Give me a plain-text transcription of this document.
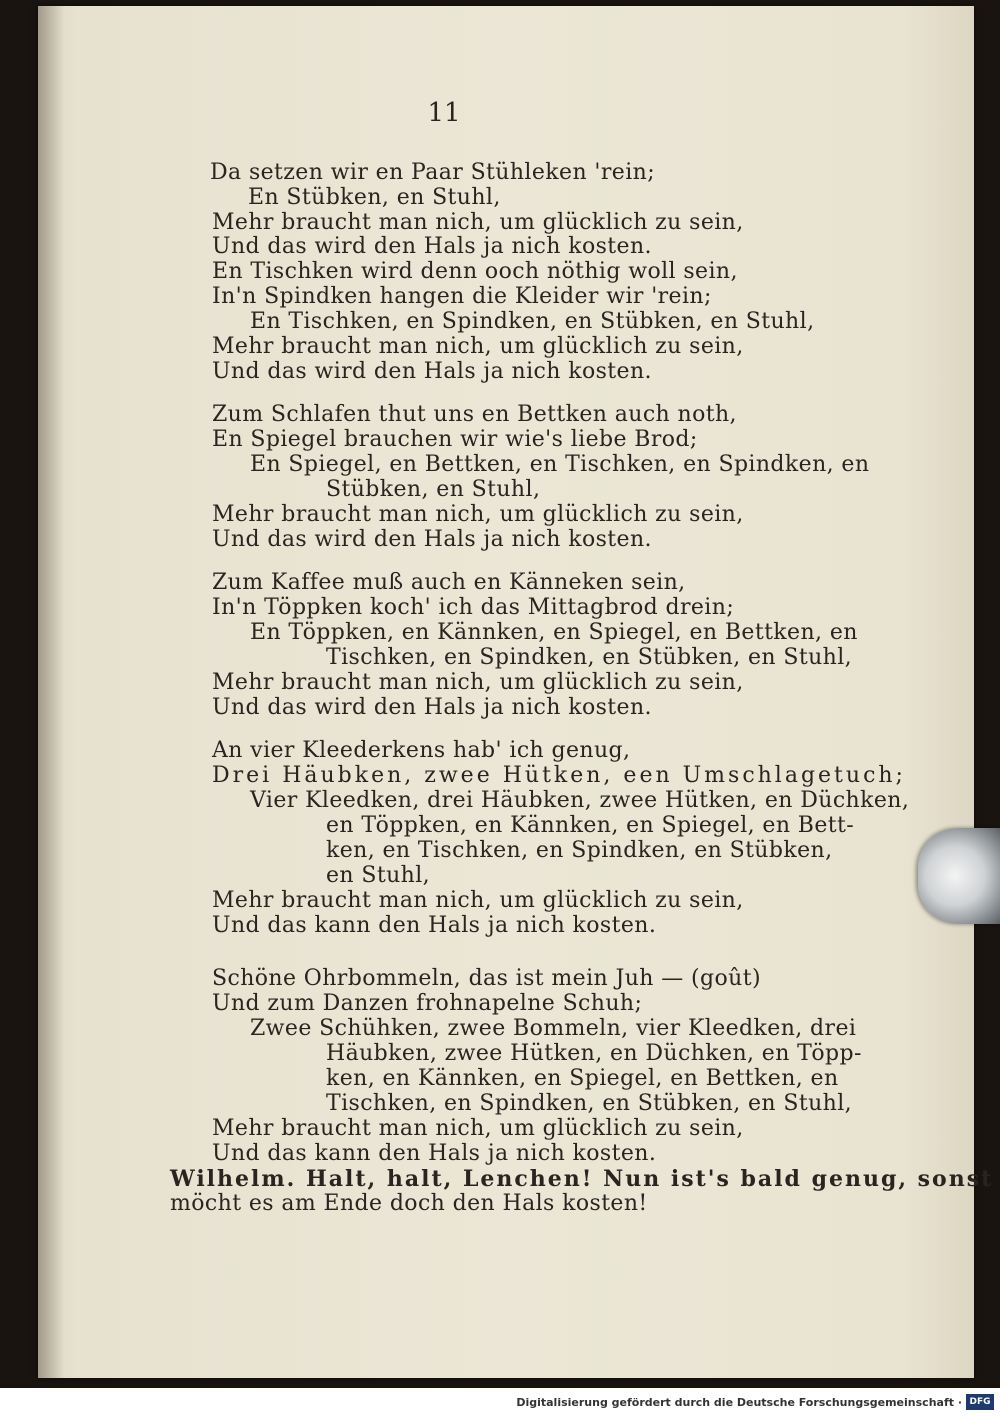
11
Da setzen wir en Paar Stühleken 'rein;
En Stübken, en Stuhl,
Mehr braucht man nich, um glücklich zu sein,
Und das wird den Hals ja nich kosten.
En Tischken wird denn ooch nöthig woll sein,
In'n Spindken hangen die Kleider wir 'rein;
En Tischken, en Spindken, en Stübken, en Stuhl,
Mehr braucht man nich, um glücklich zu sein,
Und das wird den Hals ja nich kosten.
Zum Schlafen thut uns en Bettken auch noth,
En Spiegel brauchen wir wie's liebe Brod;
En Spiegel, en Bettken, en Tischken, en Spindken, en
Stübken, en Stuhl,
Mehr braucht man nich, um glücklich zu sein,
Und das wird den Hals ja nich kosten.
Zum Kaffee muß auch en Känneken sein,
In'n Töppken koch' ich das Mittagbrod drein;
En Töppken, en Kännken, en Spiegel, en Bettken, en
Tischken, en Spindken, en Stübken, en Stuhl,
Mehr braucht man nich, um glücklich zu sein,
Und das wird den Hals ja nich kosten.
An vier Kleederkens hab' ich genug,
Drei Häubken, zwee Hütken, een Umschlagetuch;
Vier Kleedken, drei Häubken, zwee Hütken, en Düchken,
en Töppken, en Kännken, en Spiegel, en Bett-
ken, en Tischken, en Spindken, en Stübken,
en Stuhl,
Mehr braucht man nich, um glücklich zu sein,
Und das kann den Hals ja nich kosten.
Schöne Ohrbommeln, das ist mein Juh — (goût)
Und zum Danzen frohnapelne Schuh;
Zwee Schühken, zwee Bommeln, vier Kleedken, drei
Häubken, zwee Hütken, en Düchken, en Töpp-
ken, en Kännken, en Spiegel, en Bettken, en
Tischken, en Spindken, en Stübken, en Stuhl,
Mehr braucht man nich, um glücklich zu sein,
Und das kann den Hals ja nich kosten.
Wilhelm. Halt, halt, Lenchen! Nun ist's bald genug, sonst
möcht es am Ende doch den Hals kosten!
Digitalisierung gefördert durch die Deutsche Forschungsgemeinschaft · DFG
